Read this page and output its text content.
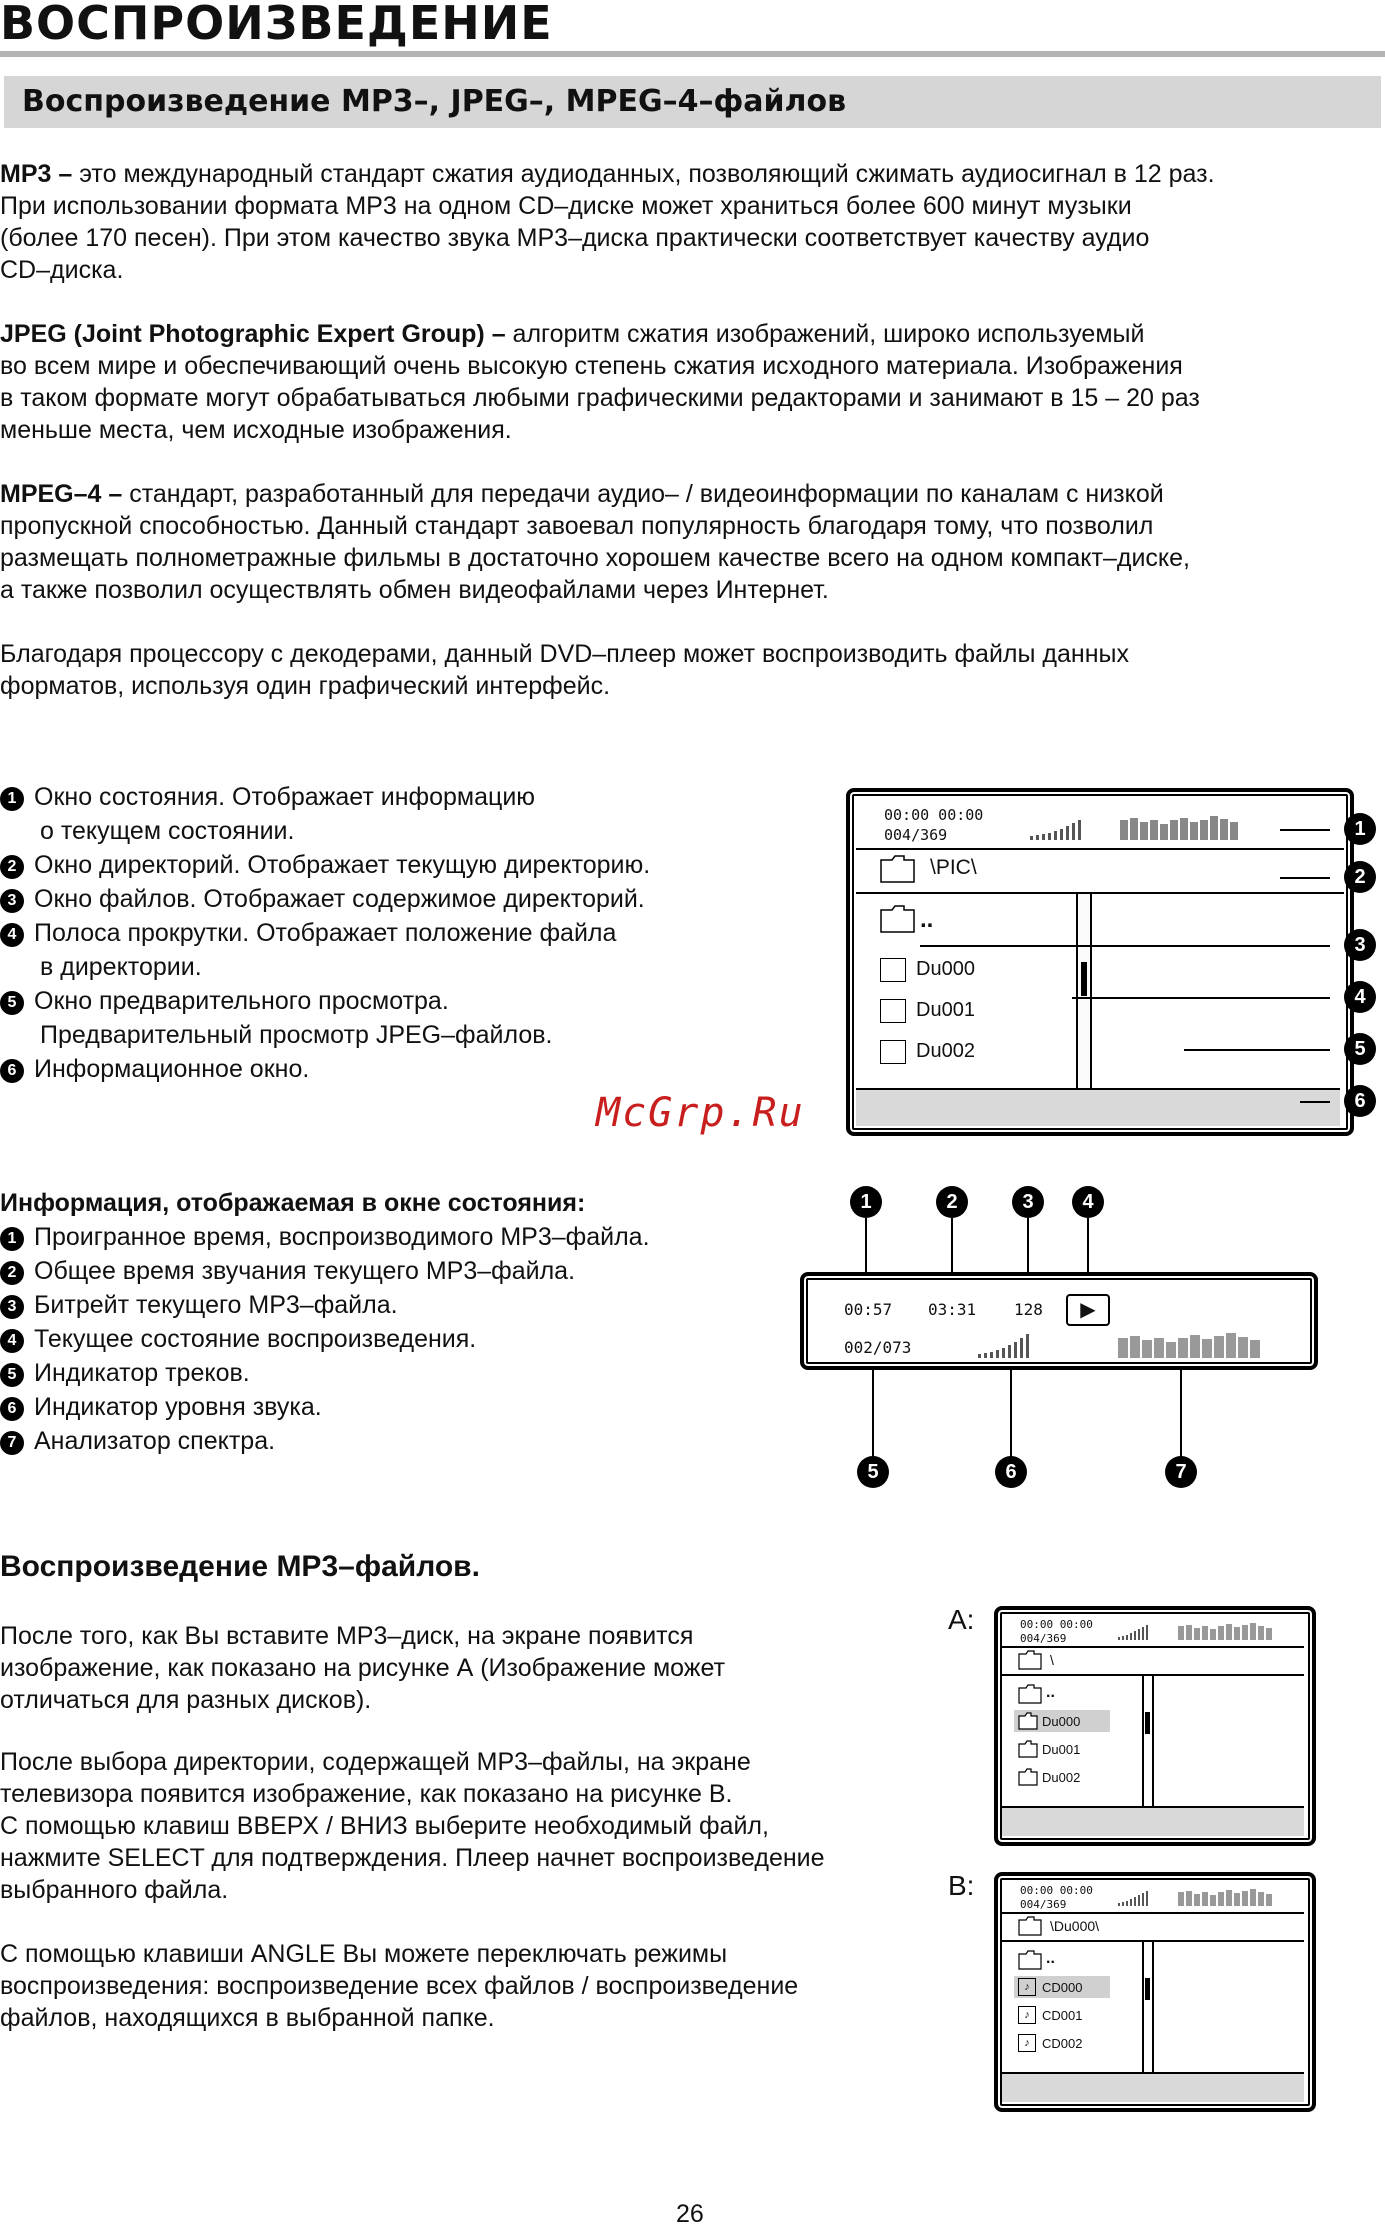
ВОСПРОИЗВЕДЕНИЕ
Воспроизведение MP3–, JPEG–, MPEG–4–файлов
MP3 – это международный стандарт сжатия аудиоданных, позволяющий сжимать аудиосигнал в 12 раз.
При использовании формата MP3 на одном CD–диске может храниться более 600 минут музыки
(более 170 песен). При этом качество звука MP3–диска практически соответствует качеству аудио
CD–диска.
JPEG (Joint Photographic Expert Group) – алгоритм сжатия изображений, широко используемый
во всем мире и обеспечивающий очень высокую степень сжатия исходного материала. Изображения
в таком формате могут обрабатываться любыми графическими редакторами и занимают в 15 – 20 раз
меньше места, чем исходные изображения.
MPEG–4 – стандарт, разработанный для передачи аудио– / видеоинформации по каналам с низкой
пропускной способностью. Данный стандарт завоевал популярность благодаря тому, что позволил
размещать полнометражные фильмы в достаточно хорошем качестве всего на одном компакт–диске,
а также позволил осуществлять обмен видеофайлами через Интернет.
Благодаря процессору с декодерами, данный DVD–плеер может воспроизводить файлы данных
форматов, используя один графический интерфейс.
1 Окно состояния. Отображает информацию
о текущем состоянии.
2 Окно директорий. Отображает текущую директорию.
3 Окно файлов. Отображает содержимое директорий.
4 Полоса прокрутки. Отображает положение файла
в директории.
5 Окно предварительного просмотра.
Предварительный просмотр JPEG–файлов.
6 Информационное окно.
00:00 00:00
004/369
\PIC\
..
Du000
Du001
Du002
1
2
3
4
5
6
McGrp.Ru
Информация, отображаемая в окне состояния:
1 Проигранное время, воспроизводимого MP3–файла.
2 Общее время звучания текущего MP3–файла.
3 Битрейт текущего MP3–файла.
4 Текущее состояние воспроизведения.
5 Индикатор треков.
6 Индикатор уровня звука.
7 Анализатор спектра.
1	2	3	4
00:57 03:31 128	▶
002/073
5	6	7
Воспроизведение MP3–файлов.
После того, как Вы вставите MP3–диск, на экране появится
изображение, как показано на рисунке А (Изображение может
отличаться для разных дисков).
После выбора директории, содержащей MP3–файлы, на экране
телевизора появится изображение, как показано на рисунке В.
С помощью клавиш ВВЕРХ / ВНИЗ выберите необходимый файл,
нажмите SELECT для подтверждения. Плеер начнет воспроизведение
выбранного файла.
С помощью клавиши ANGLE Вы можете переключать режимы
воспроизведения: воспроизведение всех файлов / воспроизведение
файлов, находящихся в выбранной папке.
A:	00:00 00:00
004/369
\
..
Du000
Du001
Du002
B:	00:00 00:00
004/369
\Du000\
..
♪ CD000
♪ CD001
♪ CD002
26
